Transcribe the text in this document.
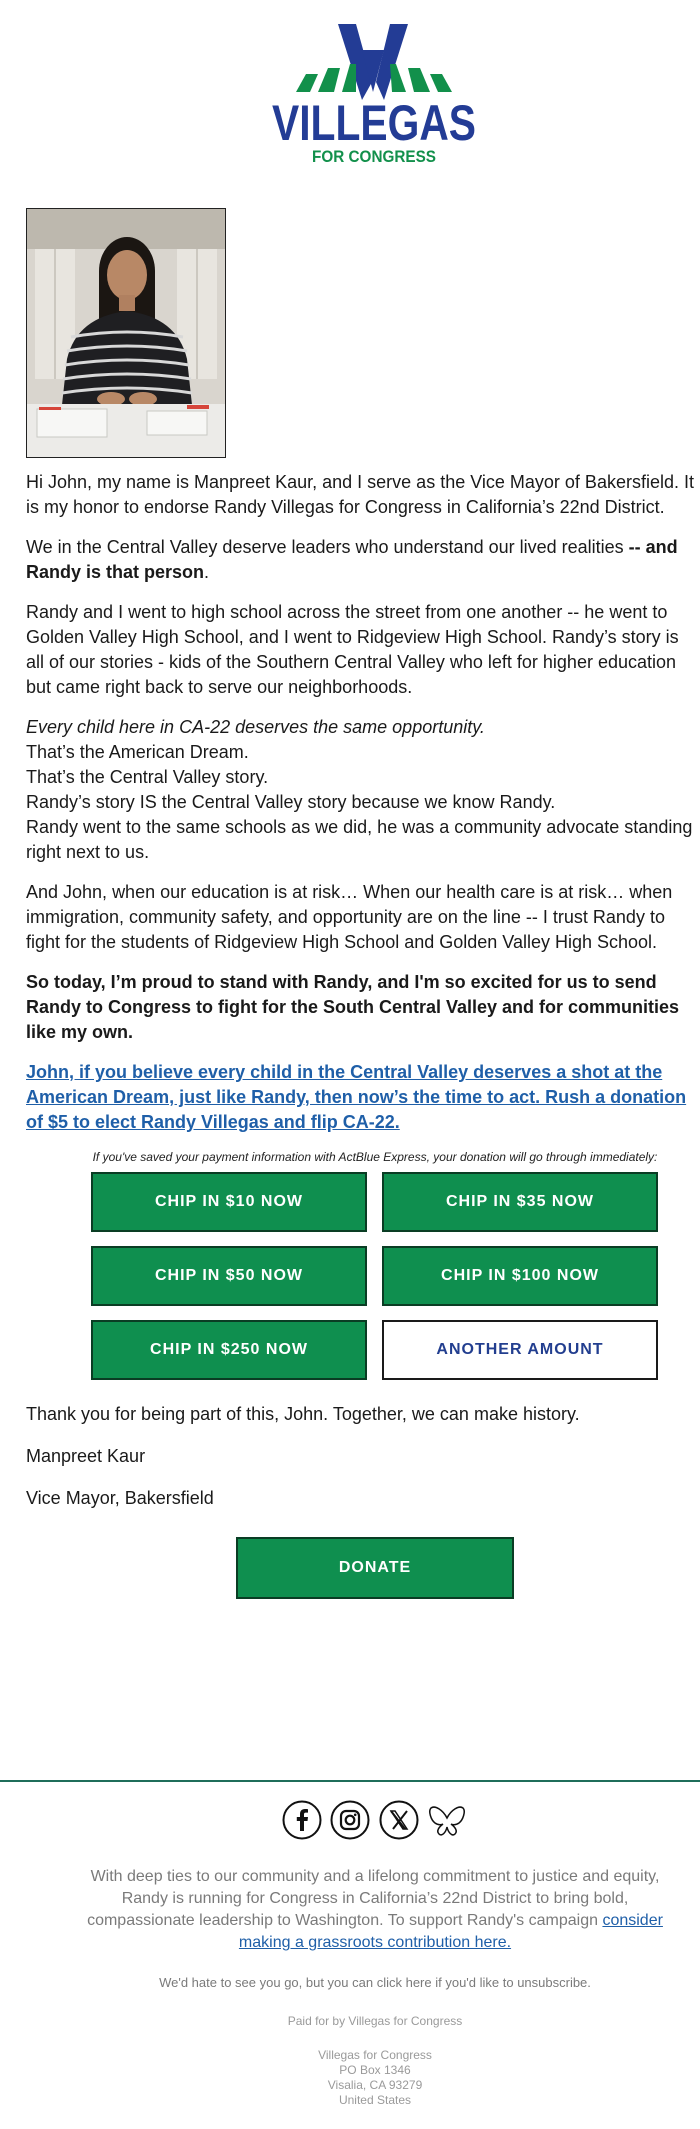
VILLEGAS
FOR CONGRESS

Hi John, my name is Manpreet Kaur, and I serve as the Vice Mayor of Bakersfield. It is my honor to endorse Randy Villegas for Congress in California’s 22nd District.

We in the Central Valley deserve leaders who understand our lived realities -- and Randy is that person.

Randy and I went to high school across the street from one another -- he went to Golden Valley High School, and I went to Ridgeview High School. Randy’s story is all of our stories - kids of the Southern Central Valley who left for higher education but came right back to serve our neighborhoods.

Every child here in CA-22 deserves the same opportunity.
That’s the American Dream.
That’s the Central Valley story.
Randy’s story IS the Central Valley story because we know Randy.
Randy went to the same schools as we did, he was a community advocate standing right next to us.

And John, when our education is at risk… When our health care is at risk… when immigration, community safety, and opportunity are on the line -- I trust Randy to fight for the students of Ridgeview High School and Golden Valley High School.

So today, I’m proud to stand with Randy, and I'm so excited for us to send Randy to Congress to fight for the South Central Valley and for communities like my own.

John, if you believe every child in the Central Valley deserves a shot at the American Dream, just like Randy, then now’s the time to act. Rush a donation of $5 to elect Randy Villegas and flip CA-22.

If you've saved your payment information with ActBlue Express, your donation will go through immediately:
CHIP IN $10 NOW	CHIP IN $35 NOW
CHIP IN $50 NOW	CHIP IN $100 NOW
CHIP IN $250 NOW	ANOTHER AMOUNT

Thank you for being part of this, John. Together, we can make history.

Manpreet Kaur

Vice Mayor, Bakersfield

DONATE
With deep ties to our community and a lifelong commitment to justice and equity, Randy is running for Congress in California’s 22nd District to bring bold, compassionate leadership to Washington. To support Randy's campaign consider making a grassroots contribution here.
We'd hate to see you go, but you can click here if you'd like to unsubscribe.
Paid for by Villegas for Congress
Villegas for Congress
PO Box 1346
Visalia, CA 93279
United States
